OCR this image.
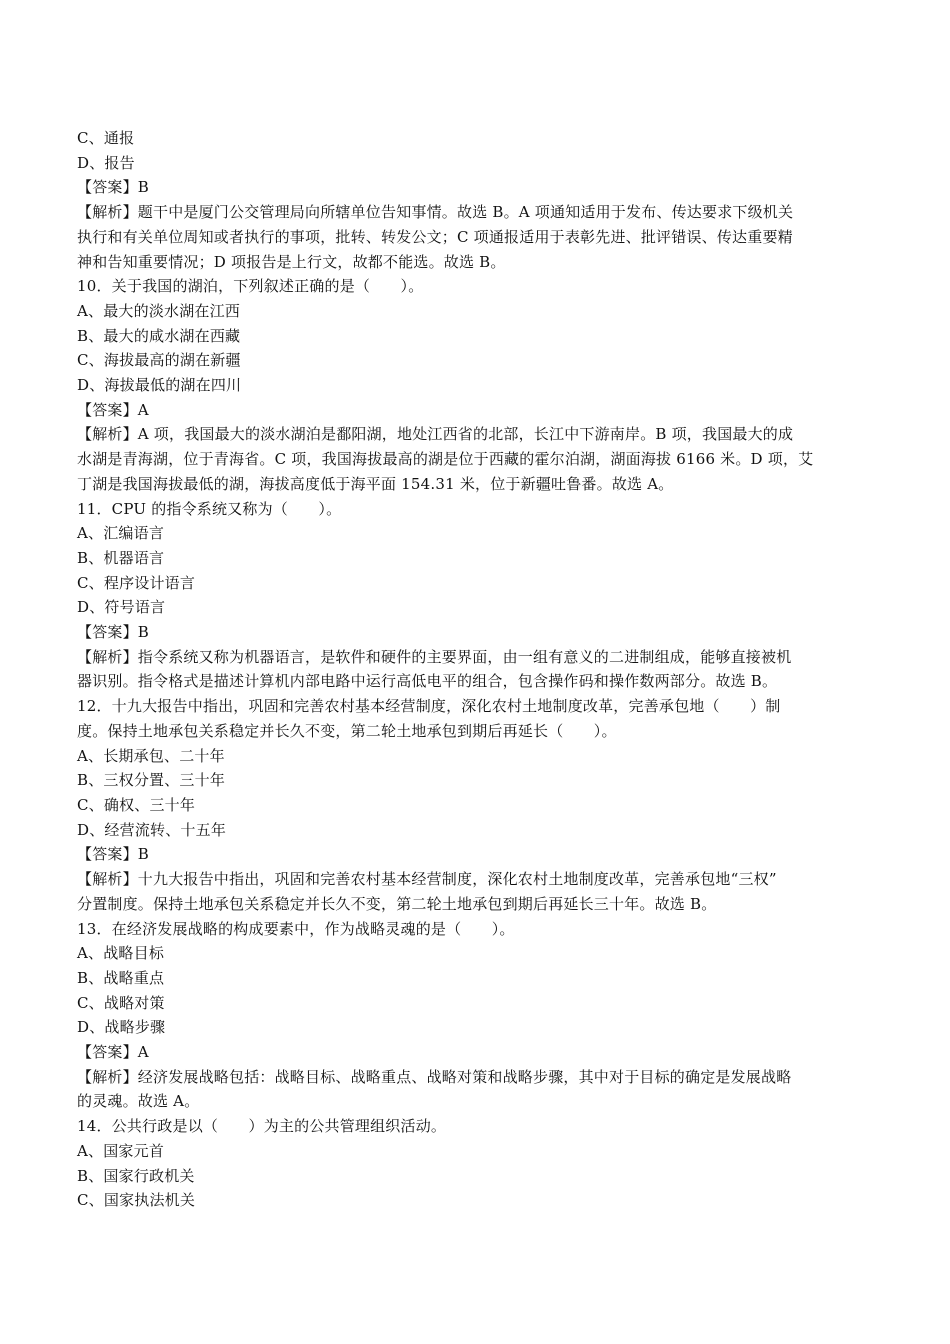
C、通报
D、报告
【答案】B
【解析】题干中是厦门公交管理局向所辖单位告知事情。故选 B。A 项通知适用于发布、传达要求下级机关
执行和有关单位周知或者执行的事项，批转、转发公文；C 项通报适用于表彰先进、批评错误、传达重要精
神和告知重要情况；D 项报告是上行文，故都不能选。故选 B。
10．关于我国的湖泊，下列叙述正确的是（　　）。
A、最大的淡水湖在江西
B、最大的咸水湖在西藏
C、海拔最高的湖在新疆
D、海拔最低的湖在四川
【答案】A
【解析】A 项，我国最大的淡水湖泊是鄱阳湖，地处江西省的北部，长江中下游南岸。B 项，我国最大的成
水湖是青海湖，位于青海省。C 项，我国海拔最高的湖是位于西藏的霍尔泊湖，湖面海拔 6166 米。D 项，艾
丁湖是我国海拔最低的湖，海拔高度低于海平面 154.31 米，位于新疆吐鲁番。故选 A。
11．CPU 的指令系统又称为（　　）。
A、汇编语言
B、机器语言
C、程序设计语言
D、符号语言
【答案】B
【解析】指令系统又称为机器语言，是软件和硬件的主要界面，由一组有意义的二进制组成，能够直接被机
器识别。指令格式是描述计算机内部电路中运行高低电平的组合，包含操作码和操作数两部分。故选 B。
12．十九大报告中指出，巩固和完善农村基本经营制度，深化农村土地制度改革，完善承包地（　　）制
度。保持土地承包关系稳定并长久不变，第二轮土地承包到期后再延长（　　）。
A、长期承包、二十年
B、三权分置、三十年
C、确权、三十年
D、经营流转、十五年
【答案】B
【解析】十九大报告中指出，巩固和完善农村基本经营制度，深化农村土地制度改革，完善承包地“三权”
分置制度。保持土地承包关系稳定并长久不变，第二轮土地承包到期后再延长三十年。故选 B。
13．在经济发展战略的构成要素中，作为战略灵魂的是（　　）。
A、战略目标
B、战略重点
C、战略对策
D、战略步骤
【答案】A
【解析】经济发展战略包括：战略目标、战略重点、战略对策和战略步骤，其中对于目标的确定是发展战略
的灵魂。故选 A。
14．公共行政是以（　　）为主的公共管理组织活动。
A、国家元首
B、国家行政机关
C、国家执法机关
